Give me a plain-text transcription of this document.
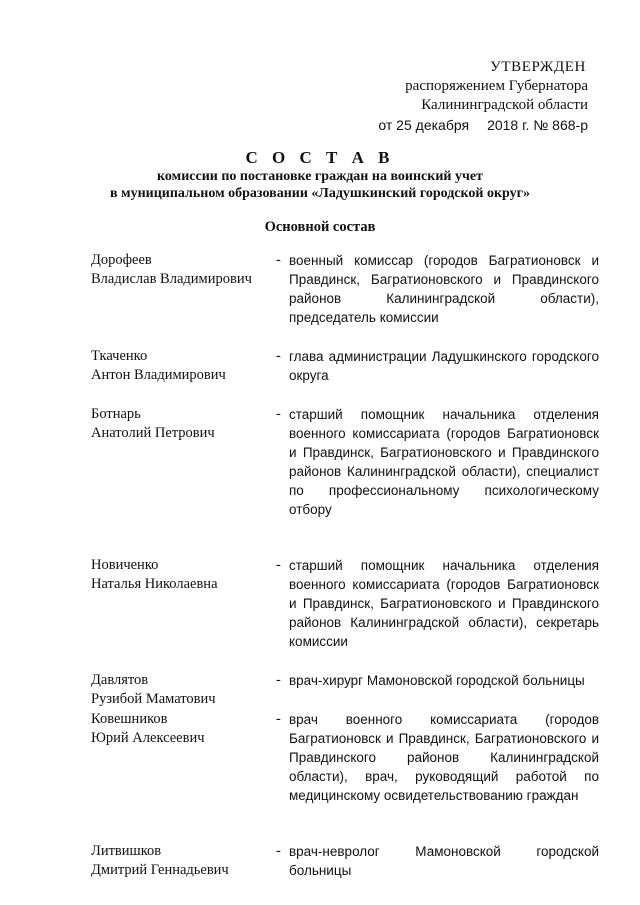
УТВЕРЖДЕН
распоряжением Губернатора
Калининградской области
от 25 декабря 2018 г. № 868-р
С О С Т А В
комиссии по постановке граждан на воинский учет
в муниципальном образовании «Ладушкинский городской округ»
Основной состав
Дорофеев
Владислав Владимирович
- военный комиссар (городов Багратионовск и Правдинск, Багратионовского и Правдинского районов Калининградской области), председатель комиссии
Ткаченко
Антон Владимирович
- глава администрации Ладушкинского городского округа
Ботнарь
Анатолий Петрович
- старший помощник начальника отделения военного комиссариата (городов Багратионовск и Правдинск, Багратионовского и Правдинского районов Калининградской области), специалист по профессиональному психологическому отбору
Новиченко
Наталья Николаевна
- старший помощник начальника отделения военного комиссариата (городов Багратионовск и Правдинск, Багратионовского и Правдинского районов Калининградской области), секретарь комиссии
Давлятов
Рузибой Маматович
- врач-хирург Мамоновской городской больницы
Ковешников
Юрий Алексеевич
- врач военного комиссариата (городов Багратионовск и Правдинск, Багратионовского и Правдинского районов Калининградской области), врач, руководящий работой по медицинскому освидетельствованию граждан
Литвишков
Дмитрий Геннадьевич
- врач-невролог Мамоновской городской больницы
